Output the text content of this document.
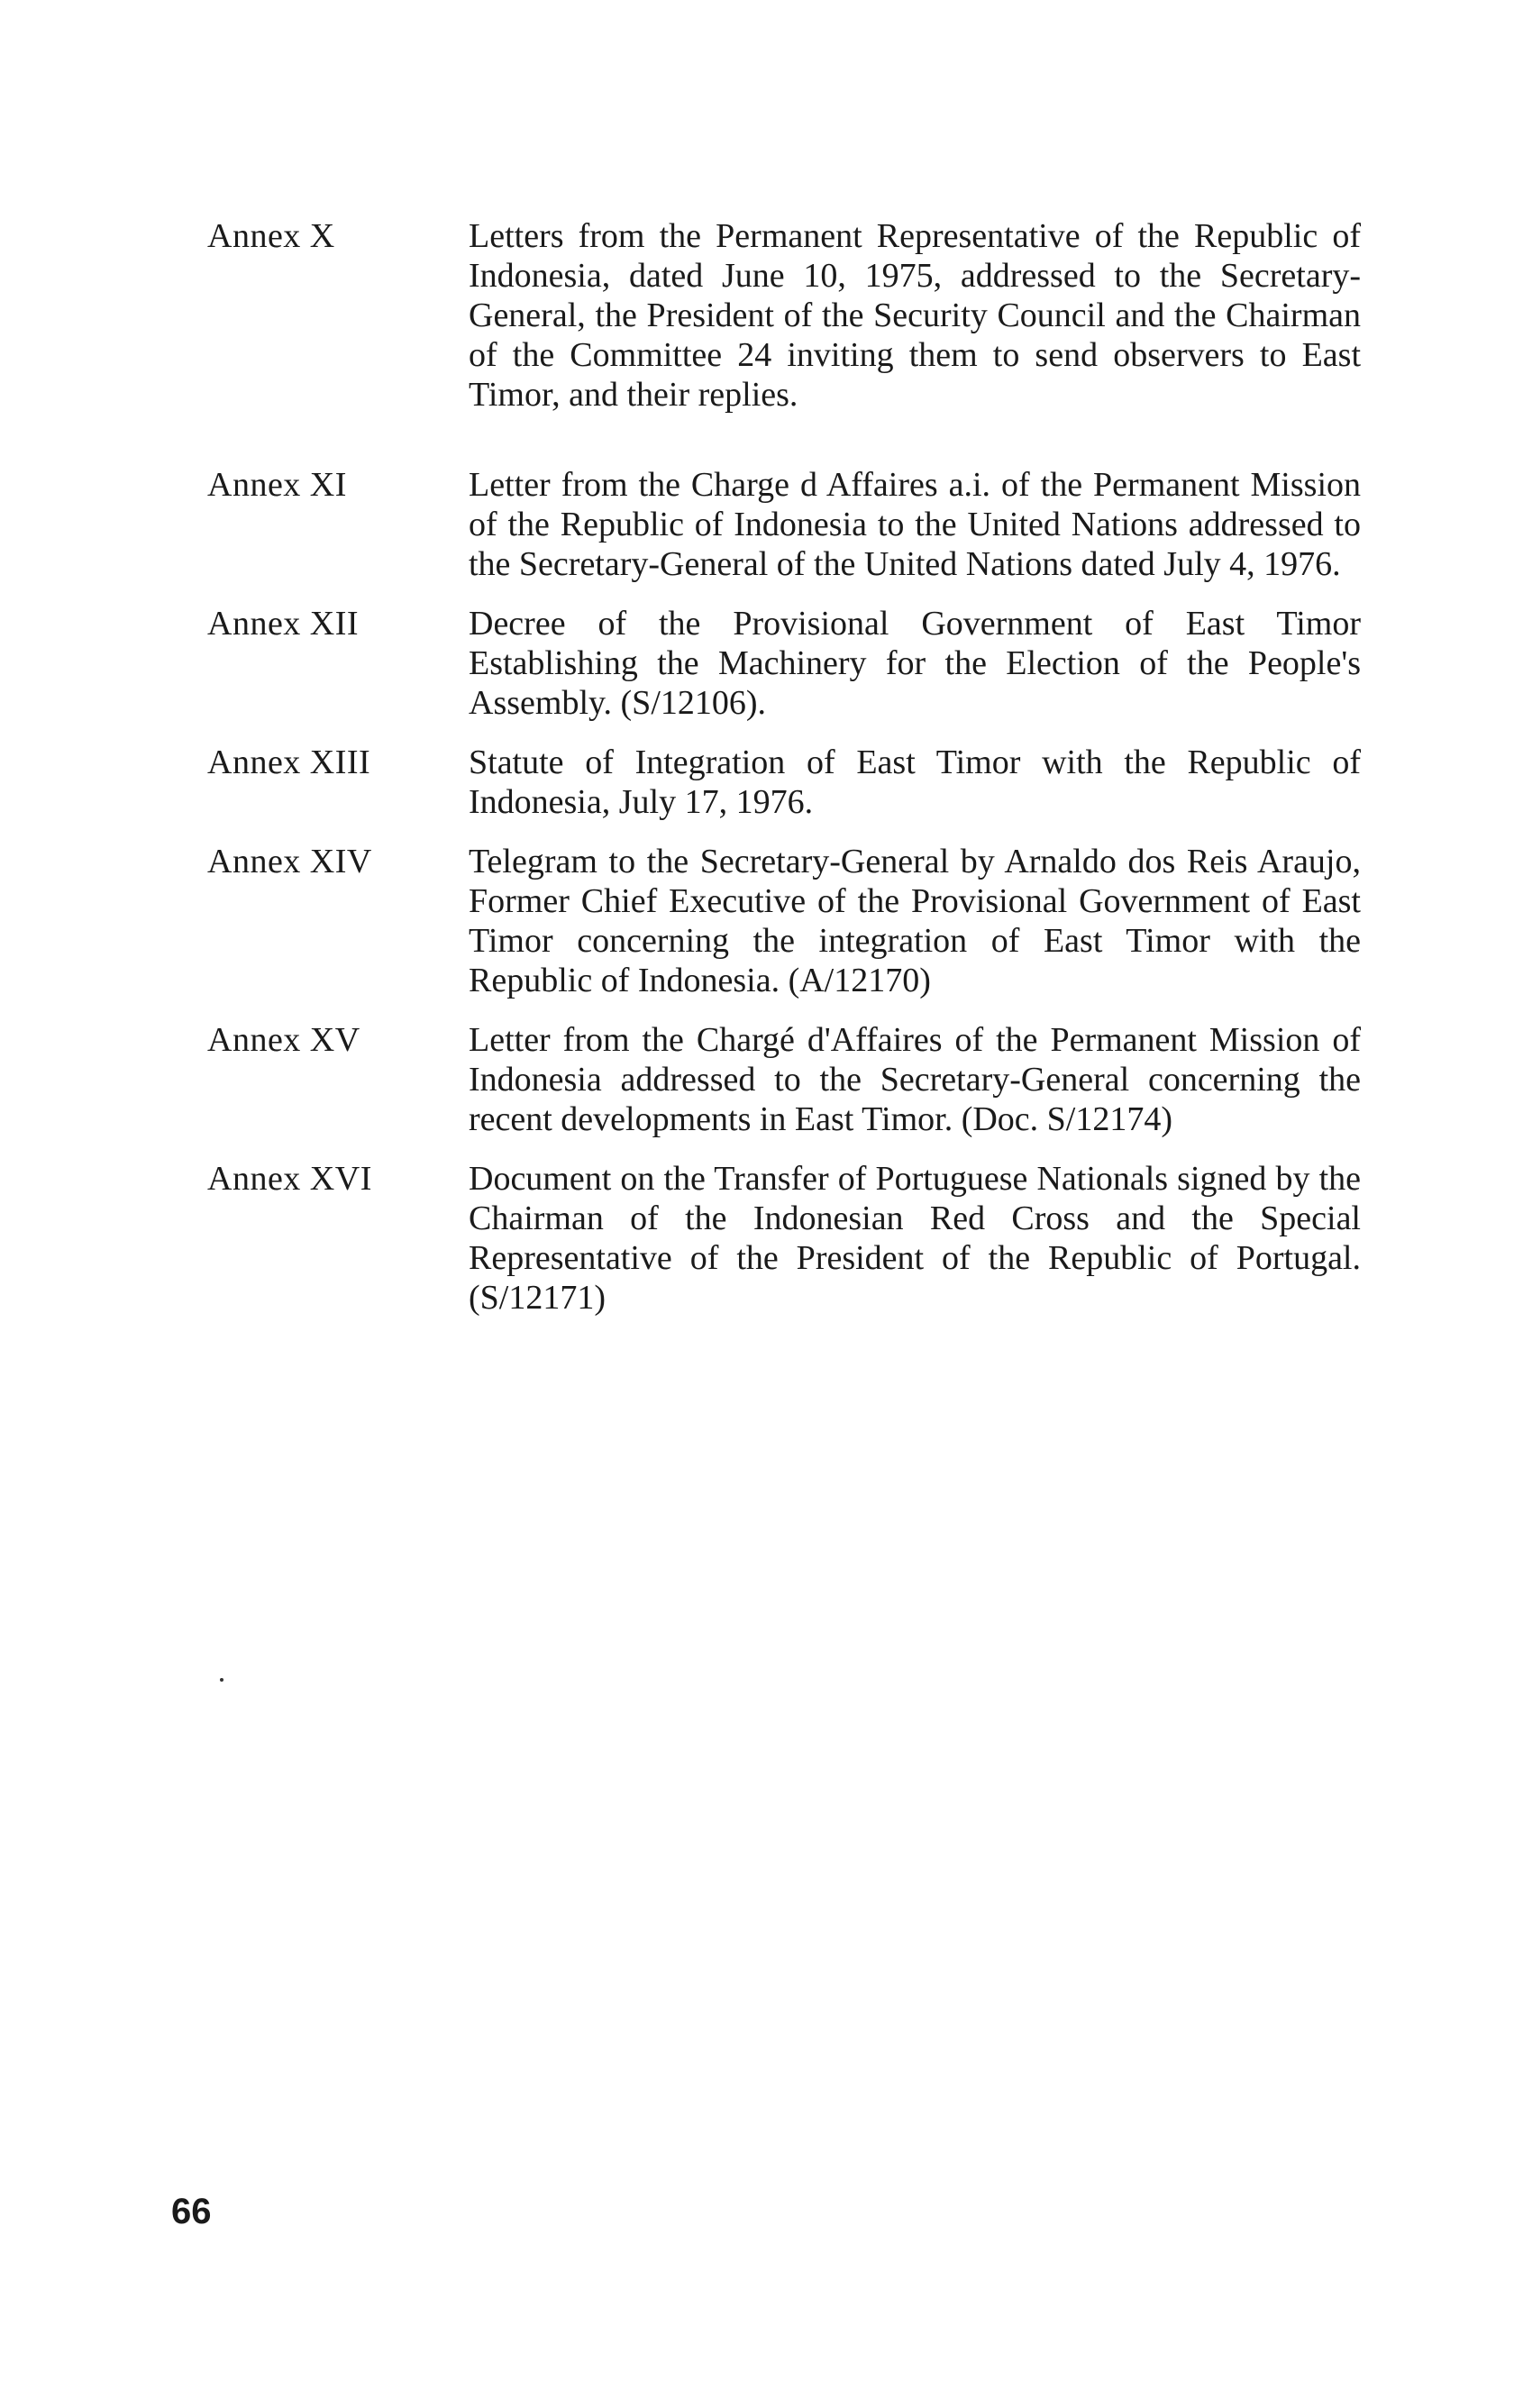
Annex X	Letters from the Permanent Representative of the Republic of Indonesia, dated June 10, 1975, addressed to the Secretary-General, the President of the Security Council and the Chairman of the Committee 24 inviting them to send observers to East Timor, and their replies.
Annex XI	Letter from the Charge d Affaires a.i. of the Permanent Mission of the Republic of Indonesia to the United Nations addressed to the Secretary-General of the United Nations dated July 4, 1976.
Annex XII	Decree of the Provisional Government of East Timor Establishing the Machinery for the Election of the People's Assembly. (S/12106).
Annex XIII	Statute of Integration of East Timor with the Republic of Indonesia, July 17, 1976.
Annex XIV	Telegram to the Secretary-General by Arnaldo dos Reis Araujo, Former Chief Executive of the Provisional Government of East Timor concerning the integration of East Timor with the Republic of Indonesia. (A/12170)
Annex XV	Letter from the Chargé d'Affaires of the Permanent Mission of Indonesia addressed to the Secretary-General concerning the recent developments in East Timor. (Doc. S/12174)
Annex XVI	Document on the Transfer of Portuguese Nationals signed by the Chairman of the Indonesian Red Cross and the Special Representative of the President of the Republic of Portugal. (S/12171)
66
